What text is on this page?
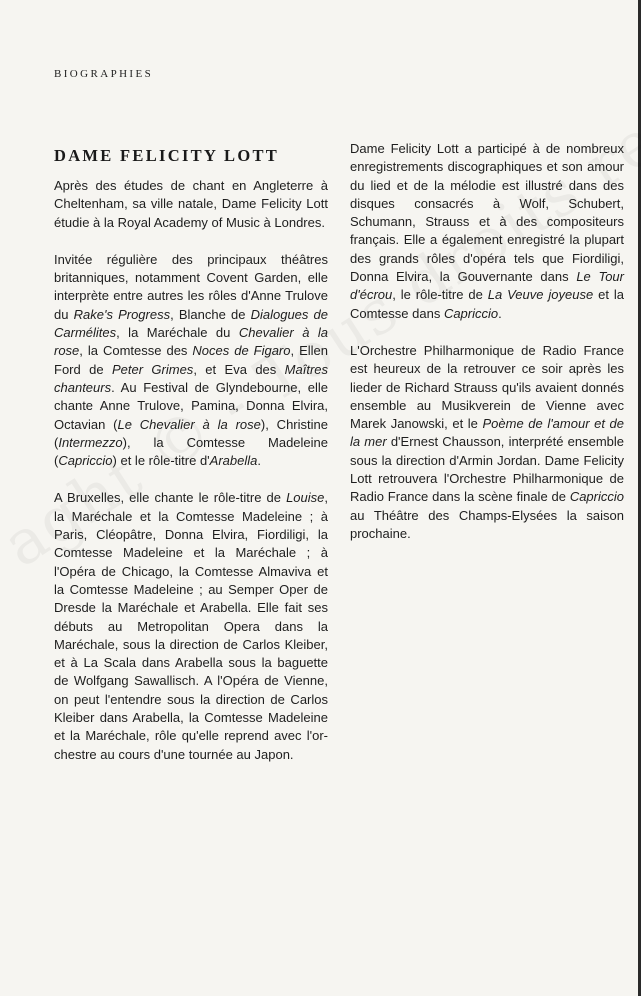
BIOGRAPHIES
DAME FELICITY LOTT

Après des études de chant en Angleterre à Cheltenham, sa ville natale, Dame Felicity Lott étudie à la Royal Academy of Music à Londres.

Invitée régulière des principaux théâtres britanniques, notamment Covent Garden, elle interprète entre autres les rôles d'Anne Trulove du Rake's Progress, Blanche de Dialogues de Carmélites, la Maréchale du Chevalier à la rose, la Comtesse des Noces de Figaro, Ellen Ford de Peter Grimes, et Eva des Maîtres chanteurs. Au Festival de Glyndebourne, elle chante Anne Trulove, Pamina, Donna Elvira, Octavian (Le Chevalier à la rose), Christine (Intermezzo), la Comtesse Madeleine (Capriccio) et le rôle-titre d'Arabella.

A Bruxelles, elle chante le rôle-titre de Louise, la Maréchale et la Comtesse Madeleine ; à Paris, Cléopâtre, Donna Elvira, Fiordiligi, la Comtesse Madeleine et la Maréchale ; à l'Opéra de Chicago, la Comtesse Almaviva et la Comtesse Madeleine ; au Semper Oper de Dresde la Maréchale et Arabella. Elle fait ses débuts au Metropolitan Opera dans la Maréchale, sous la direction de Carlos Kleiber, et à La Scala dans Arabella sous la baguette de Wolfgang Sawallisch. A l'Opéra de Vienne, on peut l'entendre sous la direction de Carlos Kleiber dans Arabella, la Comtesse Madeleine et la Maréchale, rôle qu'elle reprend avec l'orchestre au cours d'une tournée au Japon.

Dame Felicity Lott a participé à de nombreux enregistrements discographiques et son amour du lied et de la mélodie est illustré dans des disques consacrés à Wolf, Schubert, Schumann, Strauss et à des compositeurs français. Elle a également enregistré la plupart des grands rôles d'opéra tels que Fiordiligi, Donna Elvira, la Gouvernante dans Le Tour d'écrou, le rôle-titre de La Veuve joyeuse et la Comtesse dans Capriccio.

L'Orchestre Philharmonique de Radio France est heureux de la retrouver ce soir après les lieder de Richard Strauss qu'ils avaient donnés ensemble au Musikverein de Vienne avec Marek Janowski, et le Poème de l'amour et de la mer d'Ernest Chausson, interprété ensemble sous la direction d'Armin Jordan. Dame Felicity Lott retrouvera l'Orchestre Philharmonique de Radio France dans la scène finale de Capriccio au Théâtre des Champs-Elysées la saison prochaine.
